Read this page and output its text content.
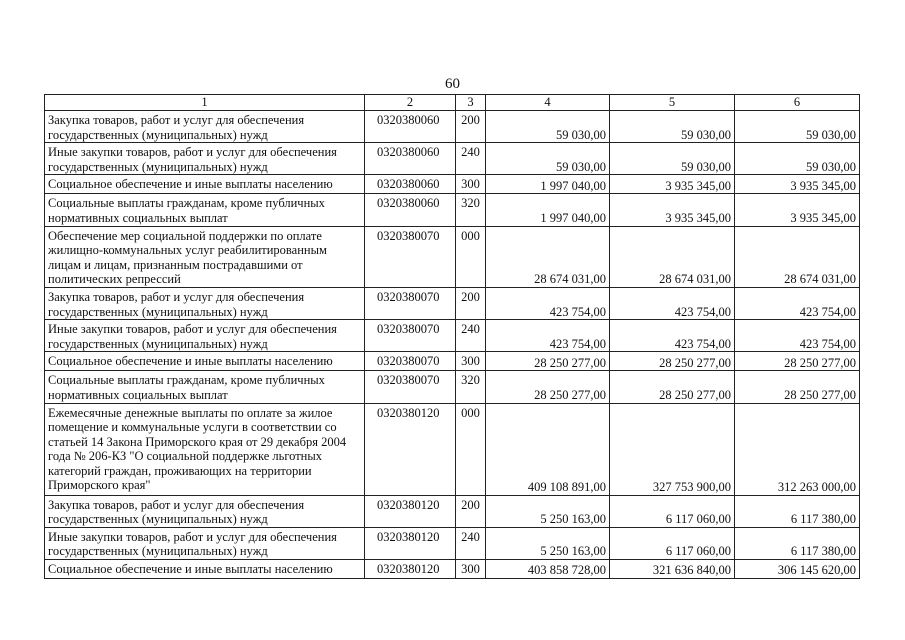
60
1	2	3	4	5	6
Закупка товаров, работ и услуг для обеспечения государственных (муниципальных) нужд	0320380060	200	59 030,00	59 030,00	59 030,00
Иные закупки товаров, работ и услуг для обеспечения государственных (муниципальных) нужд	0320380060	240	59 030,00	59 030,00	59 030,00
Социальное обеспечение и иные выплаты населению	0320380060	300	1 997 040,00	3 935 345,00	3 935 345,00
Социальные выплаты гражданам, кроме публичных нормативных социальных выплат	0320380060	320	1 997 040,00	3 935 345,00	3 935 345,00
Обеспечение мер социальной поддержки по оплате жилищно-коммунальных услуг реабилитированным лицам и лицам, признанным пострадавшими от политических репрессий	0320380070	000	28 674 031,00	28 674 031,00	28 674 031,00
Закупка товаров, работ и услуг для обеспечения государственных (муниципальных) нужд	0320380070	200	423 754,00	423 754,00	423 754,00
Иные закупки товаров, работ и услуг для обеспечения государственных (муниципальных) нужд	0320380070	240	423 754,00	423 754,00	423 754,00
Социальное обеспечение и иные выплаты населению	0320380070	300	28 250 277,00	28 250 277,00	28 250 277,00
Социальные выплаты гражданам, кроме публичных нормативных социальных выплат	0320380070	320	28 250 277,00	28 250 277,00	28 250 277,00
Ежемесячные денежные выплаты по оплате за жилое помещение и коммунальные услуги в соответствии со статьей 14 Закона Приморского края от 29 декабря 2004 года № 206-КЗ "О социальной поддержке льготных категорий граждан, проживающих на территории Приморского края"	0320380120	000	409 108 891,00	327 753 900,00	312 263 000,00
Закупка товаров, работ и услуг для обеспечения государственных (муниципальных) нужд	0320380120	200	5 250 163,00	6 117 060,00	6 117 380,00
Иные закупки товаров, работ и услуг для обеспечения государственных (муниципальных) нужд	0320380120	240	5 250 163,00	6 117 060,00	6 117 380,00
Социальное обеспечение и иные выплаты населению	0320380120	300	403 858 728,00	321 636 840,00	306 145 620,00
